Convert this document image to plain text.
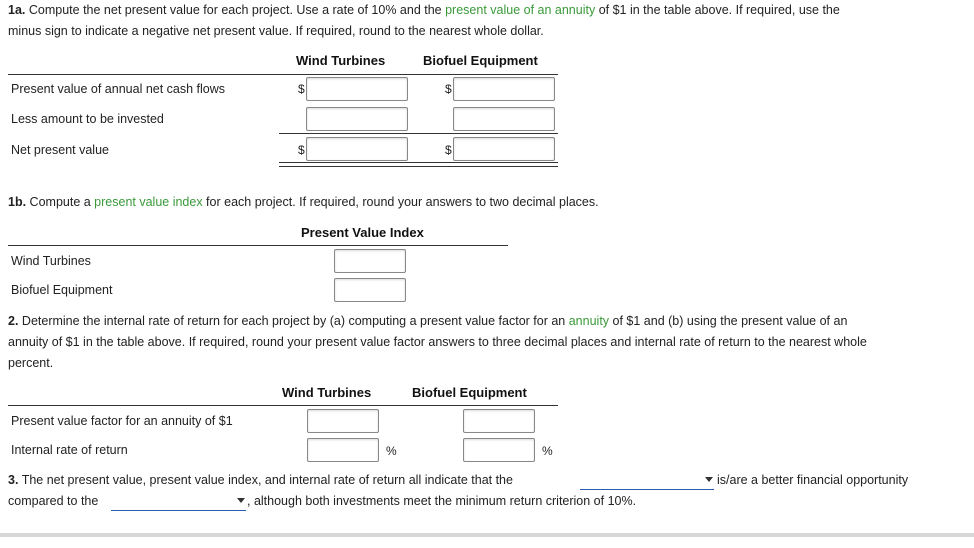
1a. Compute the net present value for each project. Use a rate of 10% and the present value of an annuity of $1 in the table above. If required, use the
minus sign to indicate a negative net present value. If required, round to the nearest whole dollar.
Wind Turbines	Biofuel Equipment
Present value of annual net cash flows	$	$
Less amount to be invested
Net present value	$	$
1b. Compute a present value index for each project. If required, round your answers to two decimal places.
Present Value Index
Wind Turbines
Biofuel Equipment
2. Determine the internal rate of return for each project by (a) computing a present value factor for an annuity of $1 and (b) using the present value of an
annuity of $1 in the table above. If required, round your present value factor answers to three decimal places and internal rate of return to the nearest whole
percent.
Wind Turbines	Biofuel Equipment
Present value factor for an annuity of $1
Internal rate of return	%	%
3. The net present value, present value index, and internal rate of return all indicate that the	is/are a better financial opportunity
compared to the	, although both investments meet the minimum return criterion of 10%.
